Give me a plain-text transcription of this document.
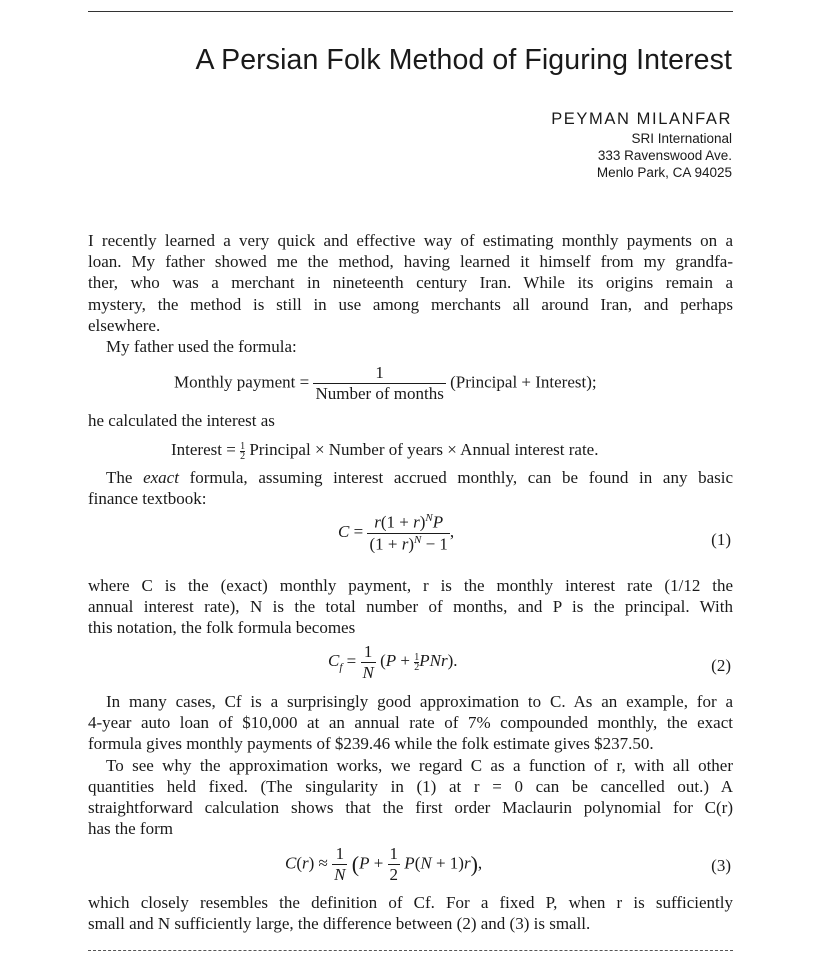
A Persian Folk Method of Figuring Interest
PEYMAN MILANFAR
SRI International
333 Ravenswood Ave.
Menlo Park, CA 94025
I recently learned a very quick and effective way of estimating monthly payments on a
loan. My father showed me the method, having learned it himself from my grandfa-
ther, who was a merchant in nineteenth century Iran. While its origins remain a
mystery, the method is still in use among merchants all around Iran, and perhaps
elsewhere.
My father used the formula:
Monthly payment = $\frac{1}{\text{Number of months}}$ (Principal + Interest);
he calculated the interest as
Interest = $\frac{1}{2}$ Principal × Number of years × Annual interest rate.
The exact formula, assuming interest accrued monthly, can be found in any basic
finance textbook:
$C = \frac{r(1 + r)^NP}{(1 + r)^N - 1}$ ,	(1)
where C is the (exact) monthly payment, r is the monthly interest rate (1/12 the
annual interest rate), N is the total number of months, and P is the principal. With
this notation, the folk formula becomes
$C_f = \frac{1}{N} (P + \frac{1}{2} PNr)$.	(2)
In many cases, Cf is a surprisingly good approximation to C. As an example, for a
4-year auto loan of $10,000 at an annual rate of 7% compounded monthly, the exact
formula gives monthly payments of $239.46 while the folk estimate gives $237.50.
To see why the approximation works, we regard C as a function of r, with all other
quantities held fixed. (The singularity in (1) at r = 0 can be cancelled out.) A
straightforward calculation shows that the first order Maclaurin polynomial for C(r)
has the form
$C(r) \approx \frac{1}{N} (P + \frac{1}{2} P(N + 1)r)$,	(3)
which closely resembles the definition of Cf. For a fixed P, when r is sufficiently
small and N sufficiently large, the difference between (2) and (3) is small.
